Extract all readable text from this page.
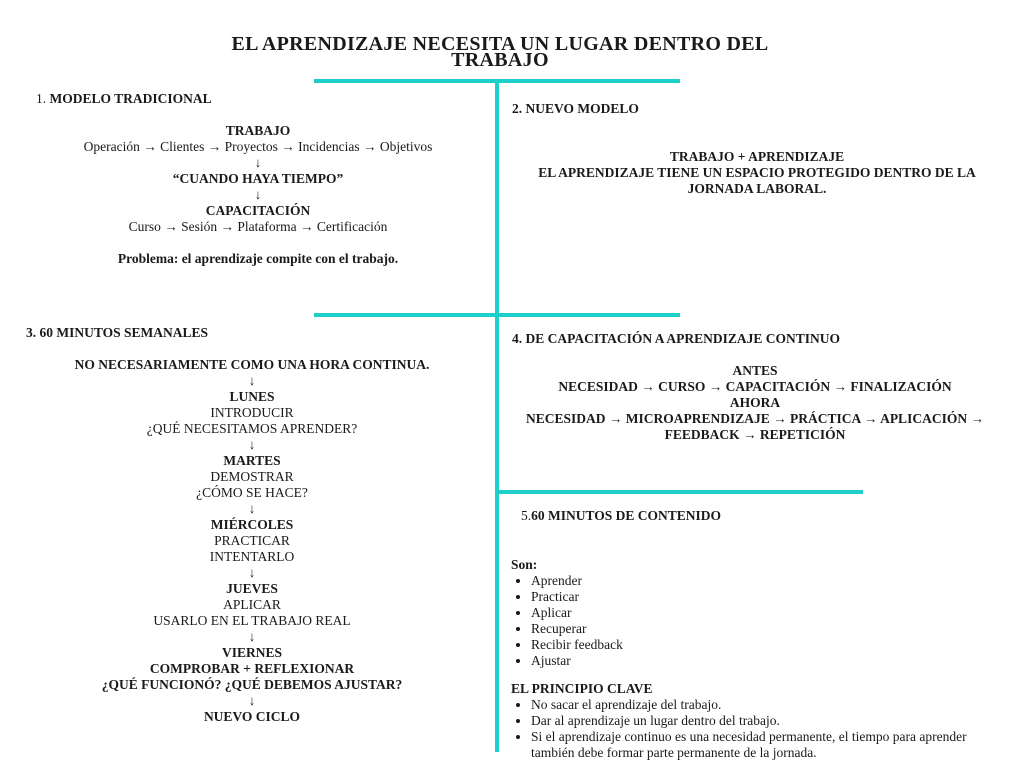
EL APRENDIZAJE NECESITA UN LUGAR DENTRO DEL TRABAJO
1. MODELO TRADICIONAL
TRABAJO
Operación → Clientes → Proyectos → Incidencias → Objetivos
↓
“CUANDO HAYA TIEMPO”
↓
CAPACITACIÓN
Curso → Sesión → Plataforma → Certificación
Problema: el aprendizaje compite con el trabajo.
2. NUEVO MODELO
TRABAJO + APRENDIZAJE
EL APRENDIZAJE TIENE UN ESPACIO PROTEGIDO DENTRO DE LA
JORNADA LABORAL.
3. 60 MINUTOS SEMANALES
NO NECESARIAMENTE COMO UNA HORA CONTINUA.
↓
LUNES
INTRODUCIR
¿QUÉ NECESITAMOS APRENDER?
↓
MARTES
DEMOSTRAR
¿CÓMO SE HACE?
↓
MIÉRCOLES
PRACTICAR
INTENTARLO
↓
JUEVES
APLICAR
USARLO EN EL TRABAJO REAL
↓
VIERNES
COMPROBAR + REFLEXIONAR
¿QUÉ FUNCIONÓ? ¿QUÉ DEBEMOS AJUSTAR?
↓
NUEVO CICLO
4. DE CAPACITACIÓN A APRENDIZAJE CONTINUO
ANTES
NECESIDAD → CURSO → CAPACITACIÓN → FINALIZACIÓN
AHORA
NECESIDAD → MICROAPRENDIZAJE → PRÁCTICA → APLICACIÓN →
FEEDBACK → REPETICIÓN
5.60 MINUTOS DE CONTENIDO
Son:
• Aprender
• Practicar
• Aplicar
• Recuperar
• Recibir feedback
• Ajustar
EL PRINCIPIO CLAVE
• No sacar el aprendizaje del trabajo.
• Dar al aprendizaje un lugar dentro del trabajo.
• Si el aprendizaje continuo es una necesidad permanente, el tiempo para aprender también debe formar parte permanente de la jornada.
